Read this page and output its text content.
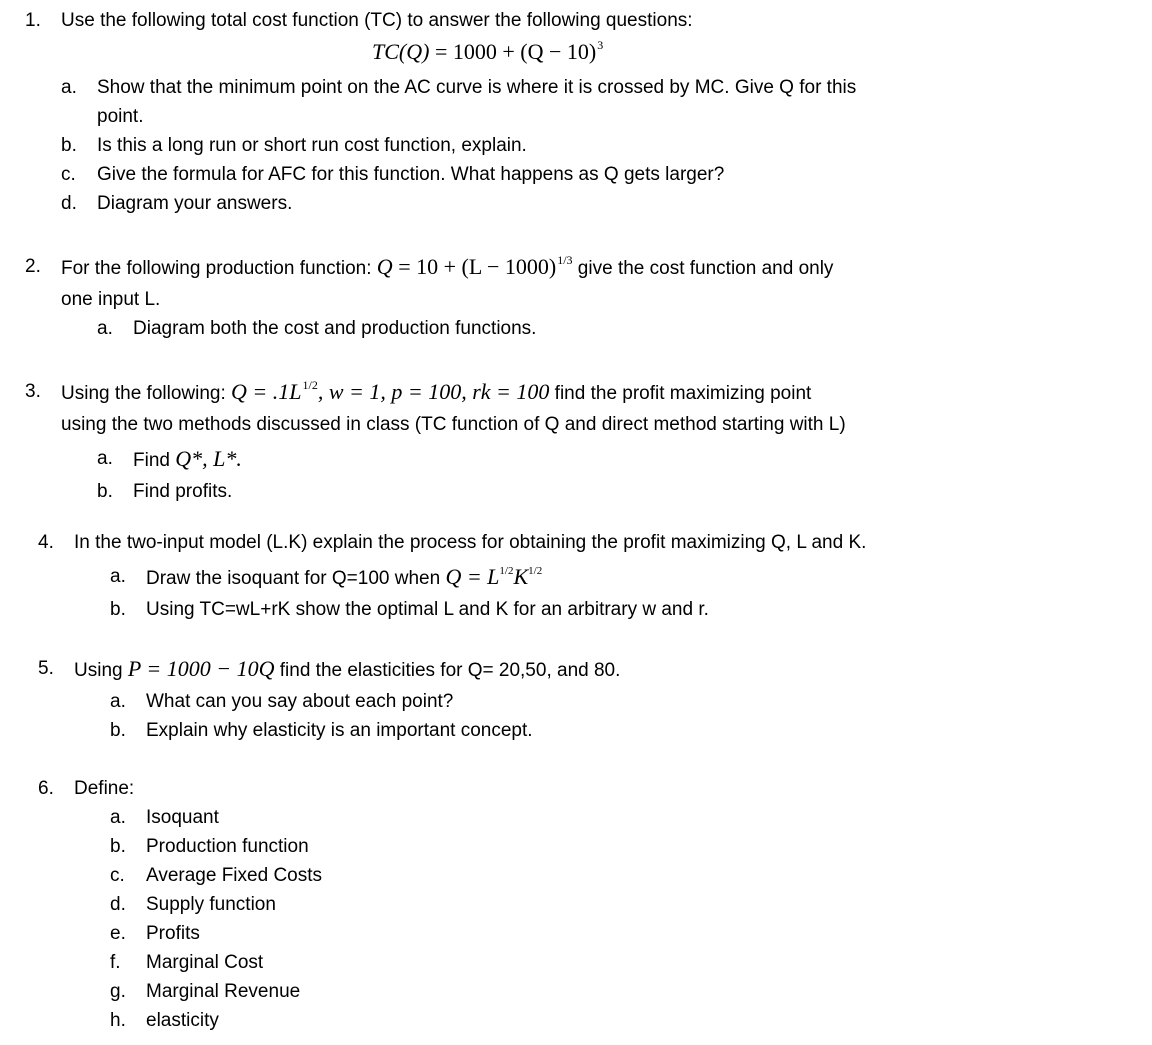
1. Use the following total cost function (TC) to answer the following questions:
$TC(Q) = 1000 + (Q - 10)^3$
a. Show that the minimum point on the AC curve is where it is crossed by MC. Give Q for this
point.
b. Is this a long run or short run cost function, explain.
c. Give the formula for AFC for this function. What happens as Q gets larger?
d. Diagram your answers.
2. For the following production function: $Q = 10 + (L - 1000)^{1/3}$ give the cost function and only
one input L.
a. Diagram both the cost and production functions.
3. Using the following: $Q = .1L^{1/2}$, w = 1, p = 100, rk = 100 find the profit maximizing point
using the two methods discussed in class (TC function of Q and direct method starting with L)
a. Find Q*, L*.
b. Find profits.
4. In the two-input model (L.K) explain the process for obtaining the profit maximizing Q, L and K.
a. Draw the isoquant for Q=100 when $Q = L^{1/2}K^{1/2}$
b. Using TC=wL+rK show the optimal L and K for an arbitrary w and r.
5. Using P = 1000 − 10Q find the elasticities for Q= 20,50, and 80.
a. What can you say about each point?
b. Explain why elasticity is an important concept.
6. Define:
a. Isoquant
b. Production function
c. Average Fixed Costs
d. Supply function
e. Profits
f. Marginal Cost
g. Marginal Revenue
h. elasticity
